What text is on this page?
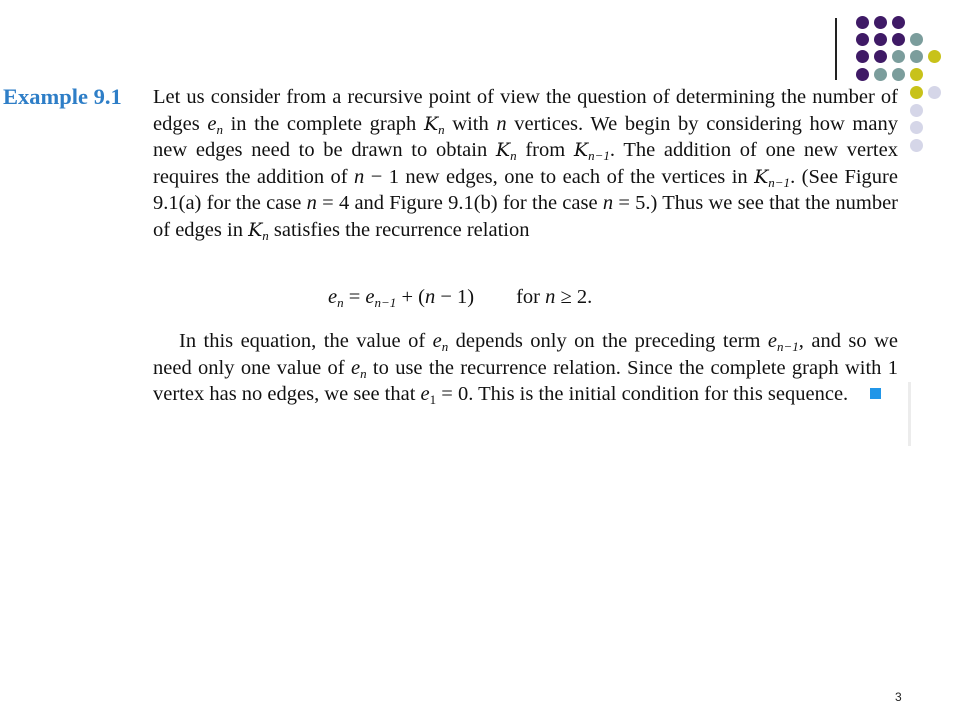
Example 9.1 Let us consider from a recursive point of view the question of determining the number of edges $e_n$ in the complete graph $K_n$ with n vertices. We begin by considering how many new edges need to be drawn to obtain $K_n$ from $K_{n-1}$. The addition of one new vertex requires the addition of n − 1 new edges, one to each of the vertices in $K_{n-1}$. (See Figure 9.1(a) for the case n = 4 and Figure 9.1(b) for the case n = 5.) Thus we see that the number of edges in $K_n$ satisfies the recurrence relation
$e_n = e_{n-1} + (n - 1)$ for n ≥ 2.
In this equation, the value of $e_n$ depends only on the preceding term $e_{n-1}$, and so we need only one value of $e_n$ to use the recurrence relation. Since the complete graph with 1 vertex has no edges, we see that $e_1 = 0$. This is the initial condition for this sequence.
3
